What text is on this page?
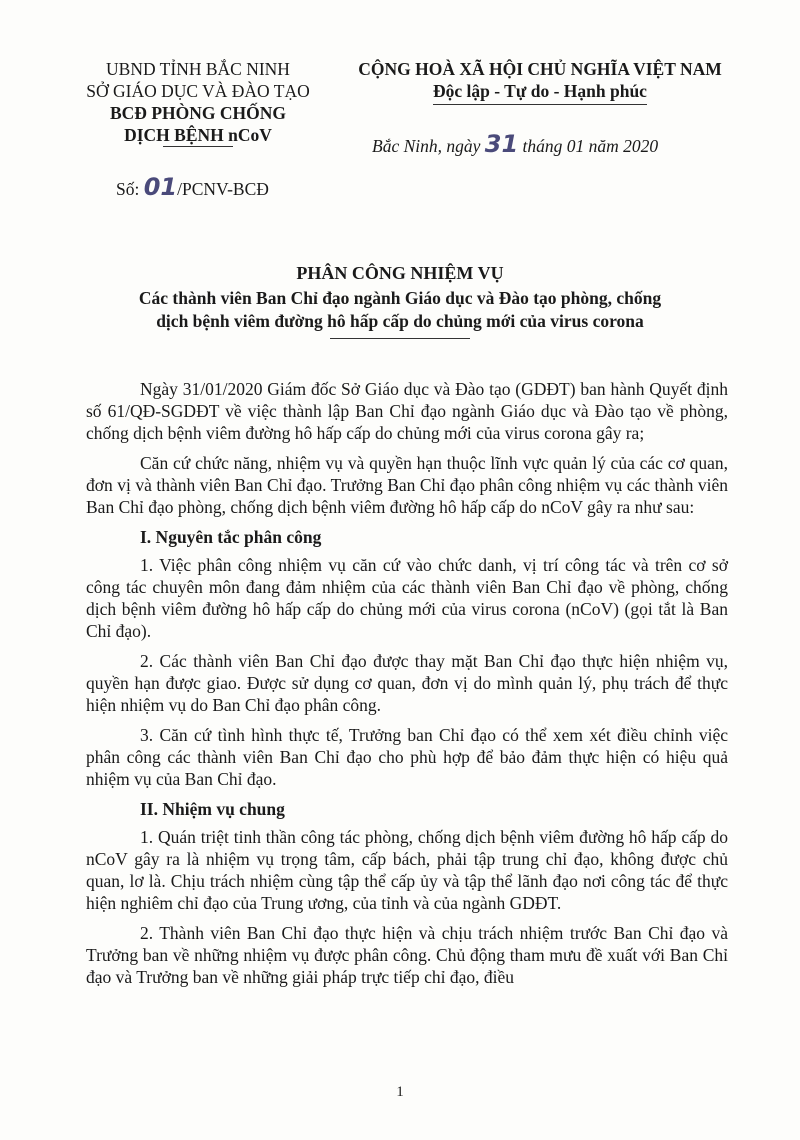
UBND TỈNH BẮC NINH
SỞ GIÁO DỤC VÀ ĐÀO TẠO
BCĐ PHÒNG CHỐNG
DỊCH BỆNH nCoV
CỘNG HOÀ XÃ HỘI CHỦ NGHĨA VIỆT NAM
Độc lập - Tự do - Hạnh phúc
Bắc Ninh, ngày 31 tháng 01 năm 2020
Số: 01/PCNV-BCĐ
PHÂN CÔNG NHIỆM VỤ
Các thành viên Ban Chỉ đạo ngành Giáo dục và Đào tạo phòng, chống
dịch bệnh viêm đường hô hấp cấp do chủng mới của virus corona

Ngày 31/01/2020 Giám đốc Sở Giáo dục và Đào tạo (GDĐT) ban hành Quyết định số 61/QĐ-SGDĐT về việc thành lập Ban Chỉ đạo ngành Giáo dục và Đào tạo về phòng, chống dịch bệnh viêm đường hô hấp cấp do chủng mới của virus corona gây ra;

Căn cứ chức năng, nhiệm vụ và quyền hạn thuộc lĩnh vực quản lý của các cơ quan, đơn vị và thành viên Ban Chỉ đạo. Trưởng Ban Chỉ đạo phân công nhiệm vụ các thành viên Ban Chỉ đạo phòng, chống dịch bệnh viêm đường hô hấp cấp do nCoV gây ra như sau:

I. Nguyên tắc phân công

1. Việc phân công nhiệm vụ căn cứ vào chức danh, vị trí công tác và trên cơ sở công tác chuyên môn đang đảm nhiệm của các thành viên Ban Chỉ đạo về phòng, chống dịch bệnh viêm đường hô hấp cấp do chủng mới của virus corona (nCoV) (gọi tắt là Ban Chỉ đạo).

2. Các thành viên Ban Chỉ đạo được thay mặt Ban Chỉ đạo thực hiện nhiệm vụ, quyền hạn được giao. Được sử dụng cơ quan, đơn vị do mình quản lý, phụ trách để thực hiện nhiệm vụ do Ban Chỉ đạo phân công.

3. Căn cứ tình hình thực tế, Trưởng ban Chỉ đạo có thể xem xét điều chỉnh việc phân công các thành viên Ban Chỉ đạo cho phù hợp để bảo đảm thực hiện có hiệu quả nhiệm vụ của Ban Chỉ đạo.

II. Nhiệm vụ chung

1. Quán triệt tinh thần công tác phòng, chống dịch bệnh viêm đường hô hấp cấp do nCoV gây ra là nhiệm vụ trọng tâm, cấp bách, phải tập trung chỉ đạo, không được chủ quan, lơ là. Chịu trách nhiệm cùng tập thể cấp ủy và tập thể lãnh đạo nơi công tác để thực hiện nghiêm chỉ đạo của Trung ương, của tỉnh và của ngành GDĐT.

2. Thành viên Ban Chỉ đạo thực hiện và chịu trách nhiệm trước Ban Chỉ đạo và Trưởng ban về những nhiệm vụ được phân công. Chủ động tham mưu đề xuất với Ban Chỉ đạo và Trưởng ban về những giải pháp trực tiếp chỉ đạo, điều

1
